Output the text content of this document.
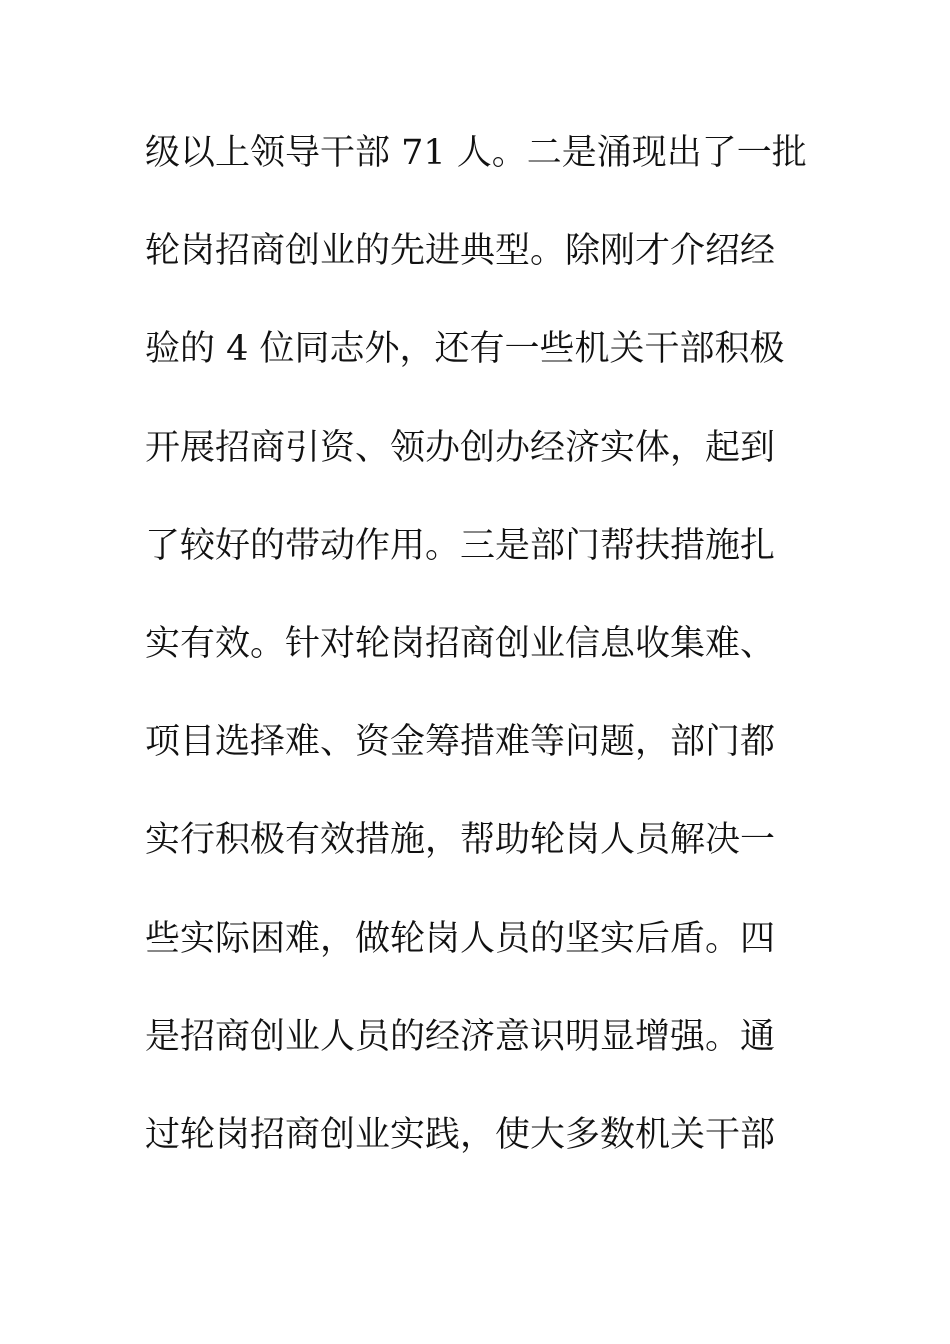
级以上领导干部 71 人。二是涌现出了一批
轮岗招商创业的先进典型。除刚才介绍经
验的 4 位同志外，还有一些机关干部积极
开展招商引资、领办创办经济实体，起到
了较好的带动作用。三是部门帮扶措施扎
实有效。针对轮岗招商创业信息收集难、
项目选择难、资金筹措难等问题，部门都
实行积极有效措施，帮助轮岗人员解决一
些实际困难，做轮岗人员的坚实后盾。四
是招商创业人员的经济意识明显增强。通
过轮岗招商创业实践，使大多数机关干部
